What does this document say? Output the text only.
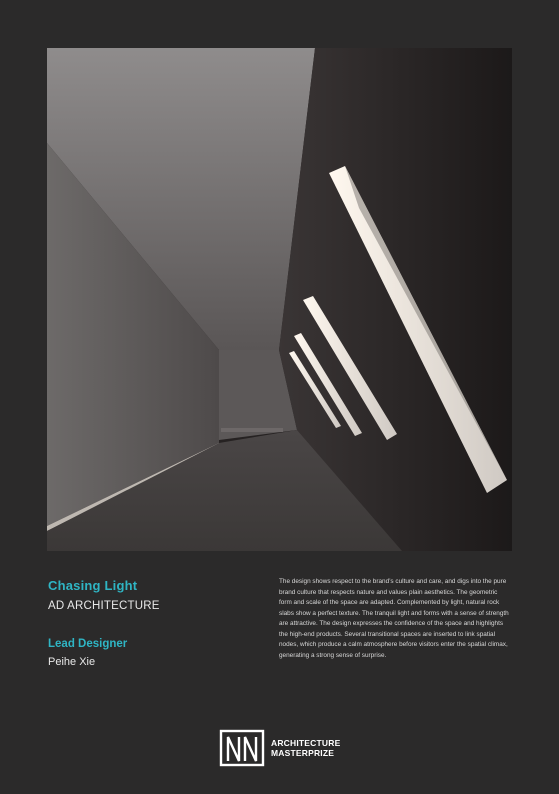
Chasing Light
AD ARCHITECTURE
Lead Designer
Peihe Xie

The design shows respect to the brand’s culture and care, and digs into the pure brand culture that respects nature and values plain aesthetics. The geometric form and scale of the space are adapted. Complemented by light, natural rock slabs show a perfect texture. The tranquil light and forms with a sense of strength are attractive. The design expresses the confidence of the space and highlights the high-end products. Several transitional spaces are inserted to link spatial nodes, which produce a calm atmosphere before visitors enter the spatial climax, generating a strong sense of surprise.

ARCHITECTURE
MASTERPRIZE
